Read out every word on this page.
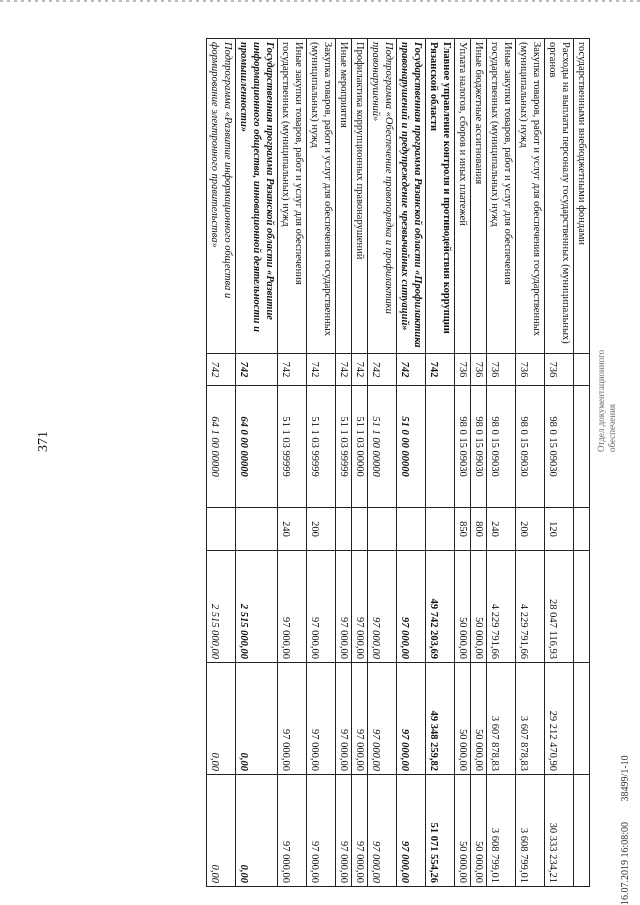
371	Отдел документационного обеспечения
16.07.2019 16:08:00 38499/1-10
государственными внебюджетными фондами						
Расходы на выплаты персоналу государственных (муниципальных) органов	736	98 0 15 09030	120	28 047 116,93	29 212 470,90	30 333 234,21
Закупка товаров, работ и услуг для обеспечения государственных (муниципальных) нужд	736	98 0 15 09030	200	4 229 791,66	3 607 878,83	3 608 799,01
Иные закупки товаров, работ и услуг для обеспечения государственных (муниципальных) нужд	736	98 0 15 09030	240	4 229 791,66	3 607 878,83	3 608 799,01
Иные бюджетные ассигнования	736	98 0 15 09030	800	50 000,00	50 000,00	50 000,00
Уплата налогов, сборов и иных платежей	736	98 0 15 09030	850	50 000,00	50 000,00	50 000,00
Главное управление контроля и противодействия коррупции Рязанской области	742			49 742 203,69	49 348 259,82	51 071 554,26
Государственная программа Рязанской области «Профилактика правонарушений и предупреждение чрезвычайных ситуаций»	742	51 0 00 00000		97 000,00	97 000,00	97 000,00
Подпрограмма «Обеспечение правопорядка и профилактики правонарушений»	742	51 1 00 00000		97 000,00	97 000,00	97 000,00
Профилактика коррупционных правонарушений	742	51 1 03 00000		97 000,00	97 000,00	97 000,00
Иные мероприятия	742	51 1 03 99999		97 000,00	97 000,00	97 000,00
Закупка товаров, работ и услуг для обеспечения государственных (муниципальных) нужд	742	51 1 03 99999	200	97 000,00	97 000,00	97 000,00
Иные закупки товаров, работ и услуг для обеспечения государственных (муниципальных) нужд	742	51 1 03 99999	240	97 000,00	97 000,00	97 000,00
Государственная программа Рязанской области «Развитие информационного общества, инновационной деятельности и промышленности»	742	64 0 00 00000		2 515 000,00	0,00	0,00
Подпрограмма «Развитие информационного общества и формирование электронного правительства»	742	64 1 00 00000		2 515 000,00	0,00	0,00
